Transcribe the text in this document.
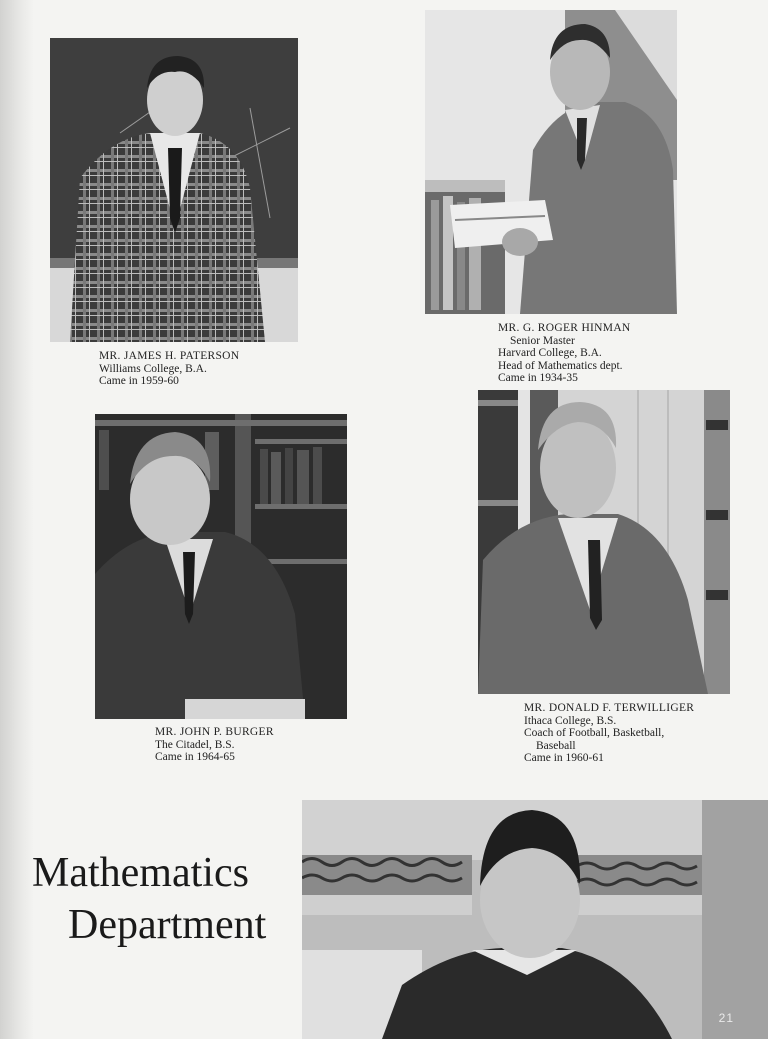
MR. JAMES H. PATERSON
Williams College, B.A.
Came in 1959-60
MR. G. ROGER HINMAN
Senior Master
Harvard College, B.A.
Head of Mathematics dept.
Came in 1934-35
MR. JOHN P. BURGER
The Citadel, B.S.
Came in 1964-65
MR. DONALD F. TERWILLIGER
Ithaca College, B.S.
Coach of Football, Basketball,
Baseball
Came in 1960-61
Mathematics
Department
21
